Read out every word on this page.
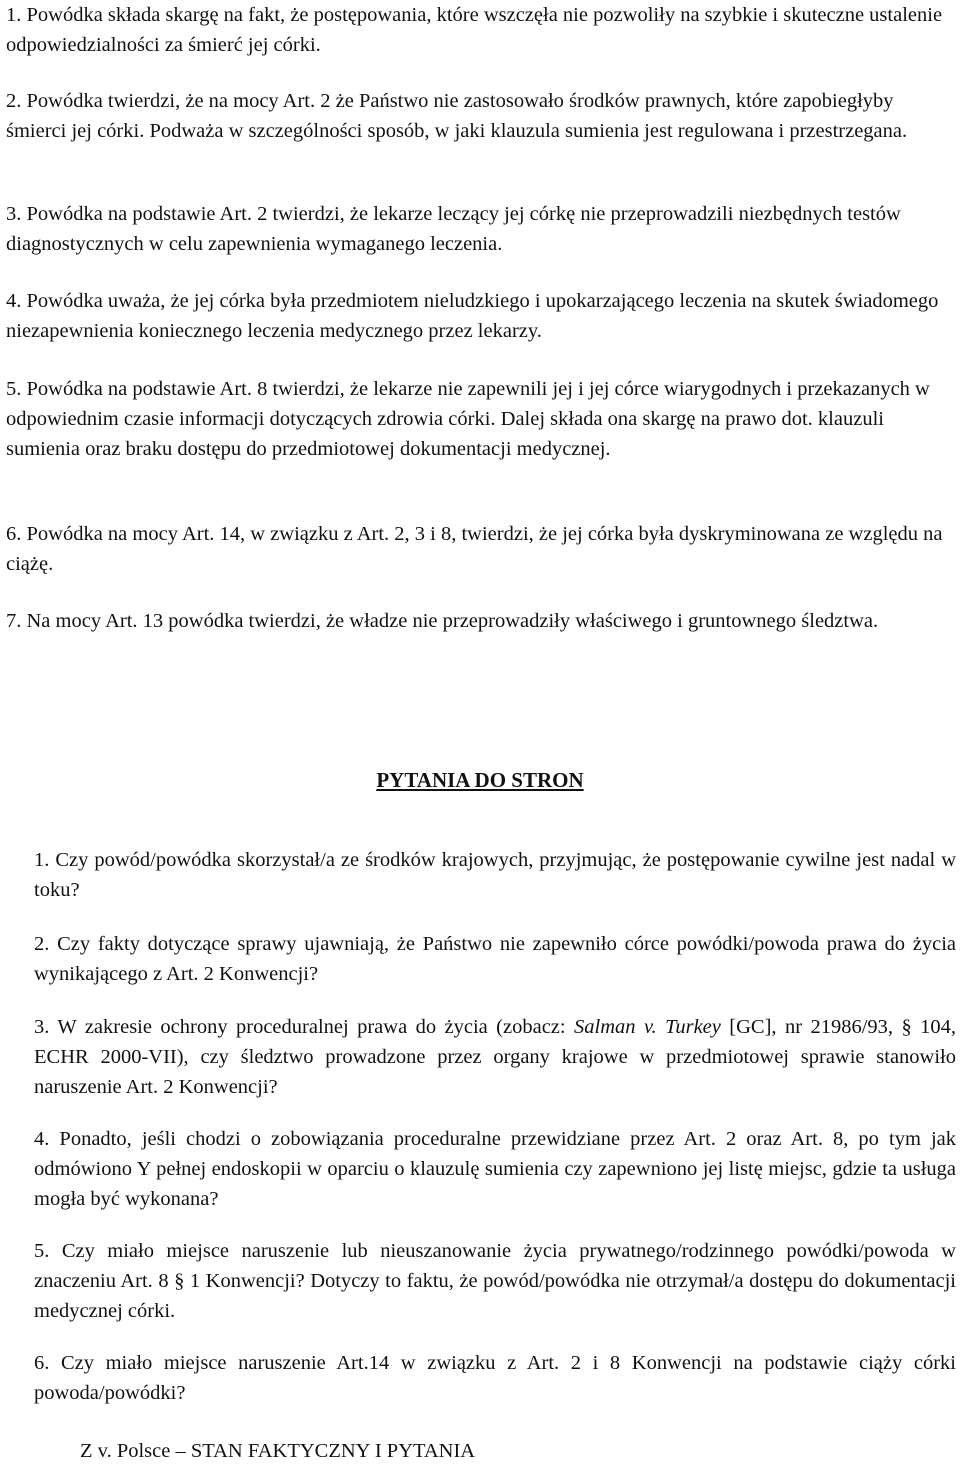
1. Powódka składa skargę na fakt, że postępowania, które wszczęła nie pozwoliły na szybkie i skuteczne ustalenie odpowiedzialności za śmierć jej córki.

2. Powódka twierdzi, że na mocy Art. 2 że Państwo nie zastosowało środków prawnych, które zapobiegłyby śmierci jej córki. Podważa w szczególności sposób, w jaki klauzula sumienia jest regulowana i przestrzegana.

3. Powódka na podstawie Art. 2 twierdzi, że lekarze leczący jej córkę nie przeprowadzili niezbędnych testów diagnostycznych w celu zapewnienia wymaganego leczenia.

4. Powódka uważa, że jej córka była przedmiotem nieludzkiego i upokarzającego leczenia na skutek świadomego niezapewnienia koniecznego leczenia medycznego przez lekarzy.

5. Powódka na podstawie Art. 8 twierdzi, że lekarze nie zapewnili jej i jej córce wiarygodnych i przekazanych w odpowiednim czasie informacji dotyczących zdrowia córki. Dalej składa ona skargę na prawo dot. klauzuli sumienia oraz braku dostępu do przedmiotowej dokumentacji medycznej.

6. Powódka na mocy Art. 14, w związku z Art. 2, 3 i 8, twierdzi, że jej córka była dyskryminowana ze względu na ciążę.

7. Na mocy Art. 13 powódka twierdzi, że władze nie przeprowadziły właściwego i gruntownego śledztwa.

PYTANIA DO STRON

1. Czy powód/powódka skorzystał/a ze środków krajowych, przyjmując, że postępowanie cywilne jest nadal w toku?

2. Czy fakty dotyczące sprawy ujawniają, że Państwo nie zapewniło córce powódki/powoda prawa do życia wynikającego z Art. 2 Konwencji?

3. W zakresie ochrony proceduralnej prawa do życia (zobacz: Salman v. Turkey [GC], nr 21986/93, § 104, ECHR 2000-VII), czy śledztwo prowadzone przez organy krajowe w przedmiotowej sprawie stanowiło naruszenie Art. 2 Konwencji?

4. Ponadto, jeśli chodzi o zobowiązania proceduralne przewidziane przez Art. 2 oraz Art. 8, po tym jak odmówiono Y pełnej endoskopii w oparciu o klauzulę sumienia czy zapewniono jej listę miejsc, gdzie ta usługa mogła być wykonana?

5. Czy miało miejsce naruszenie lub nieuszanowanie życia prywatnego/rodzinnego powódki/powoda w znaczeniu Art. 8 § 1 Konwencji? Dotyczy to faktu, że powód/powódka nie otrzymał/a dostępu do dokumentacji medycznej córki.

6. Czy miało miejsce naruszenie Art.14 w związku z Art. 2 i 8 Konwencji na podstawie ciąży córki powoda/powódki?

Z v. Polsce – STAN FAKTYCZNY I PYTANIA
